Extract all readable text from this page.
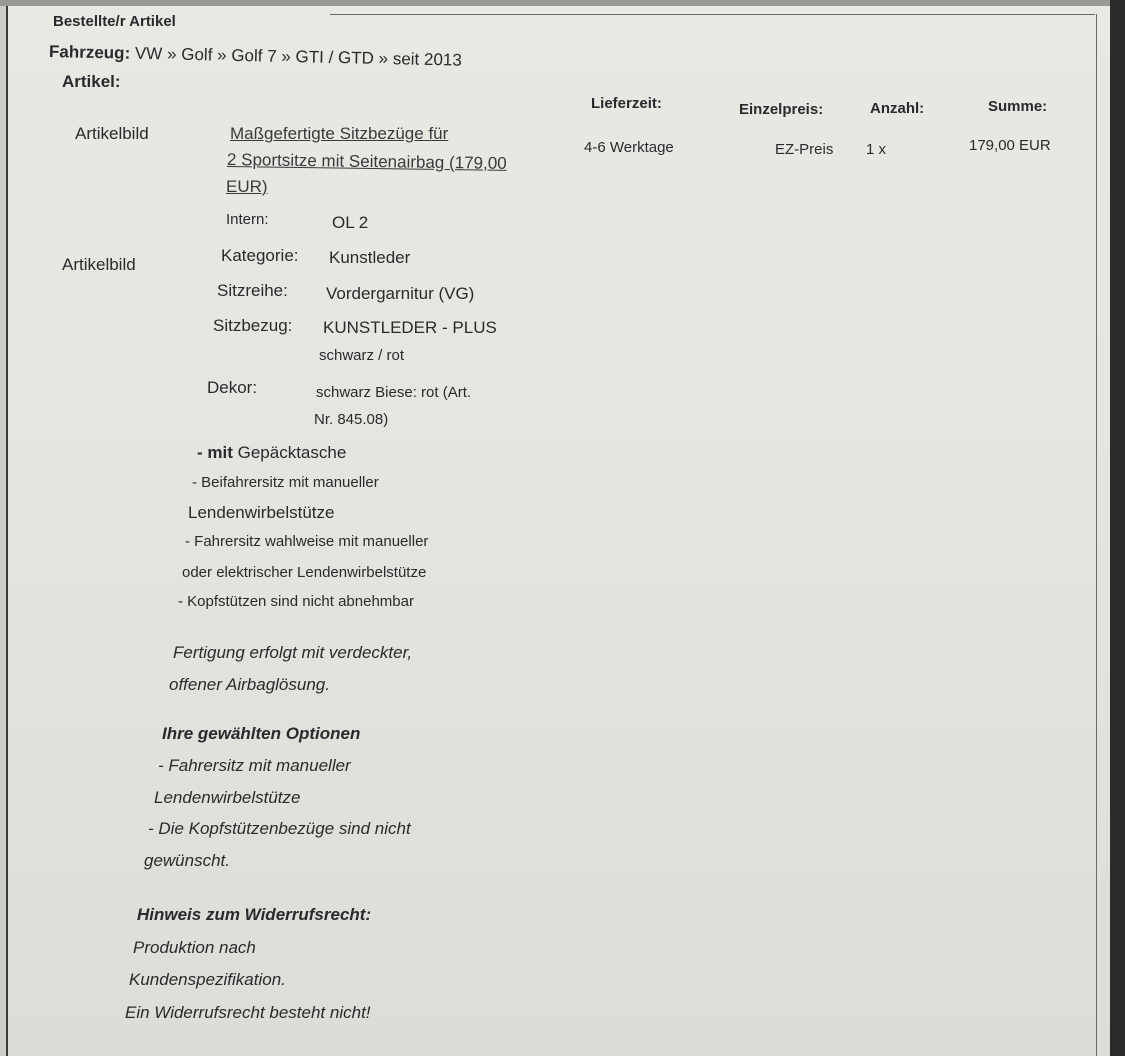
Bestellte/r Artikel
Fahrzeug: VW » Golf » Golf 7 » GTI / GTD » seit 2013
Artikel:
Lieferzeit:	Einzelpreis:	Anzahl:	Summe:
Artikelbild
Artikelbild
Maßgefertigte Sitzbezüge für
2 Sportsitze mit Seitenairbag (179,00
EUR)
4-6 Werktage	EZ-Preis 1 x	179,00 EUR
Intern:	OL 2
Kategorie: Kunstleder
Sitzreihe: Vordergarnitur (VG)
Sitzbezug: KUNSTLEDER - PLUS
schwarz / rot
Dekor:	schwarz Biese: rot (Art.
Nr. 845.08)
- mit Gepäcktasche
- Beifahrersitz mit manueller
Lendenwirbelstütze
- Fahrersitz wahlweise mit manueller
oder elektrischer Lendenwirbelstütze
- Kopfstützen sind nicht abnehmbar
Fertigung erfolgt mit verdeckter,
offener Airbaglösung.
Ihre gewählten Optionen
- Fahrersitz mit manueller
Lendenwirbelstütze
- Die Kopfstützenbezüge sind nicht
gewünscht.
Hinweis zum Widerrufsrecht:
Produktion nach
Kundenspezifikation.
Ein Widerrufsrecht besteht nicht!
